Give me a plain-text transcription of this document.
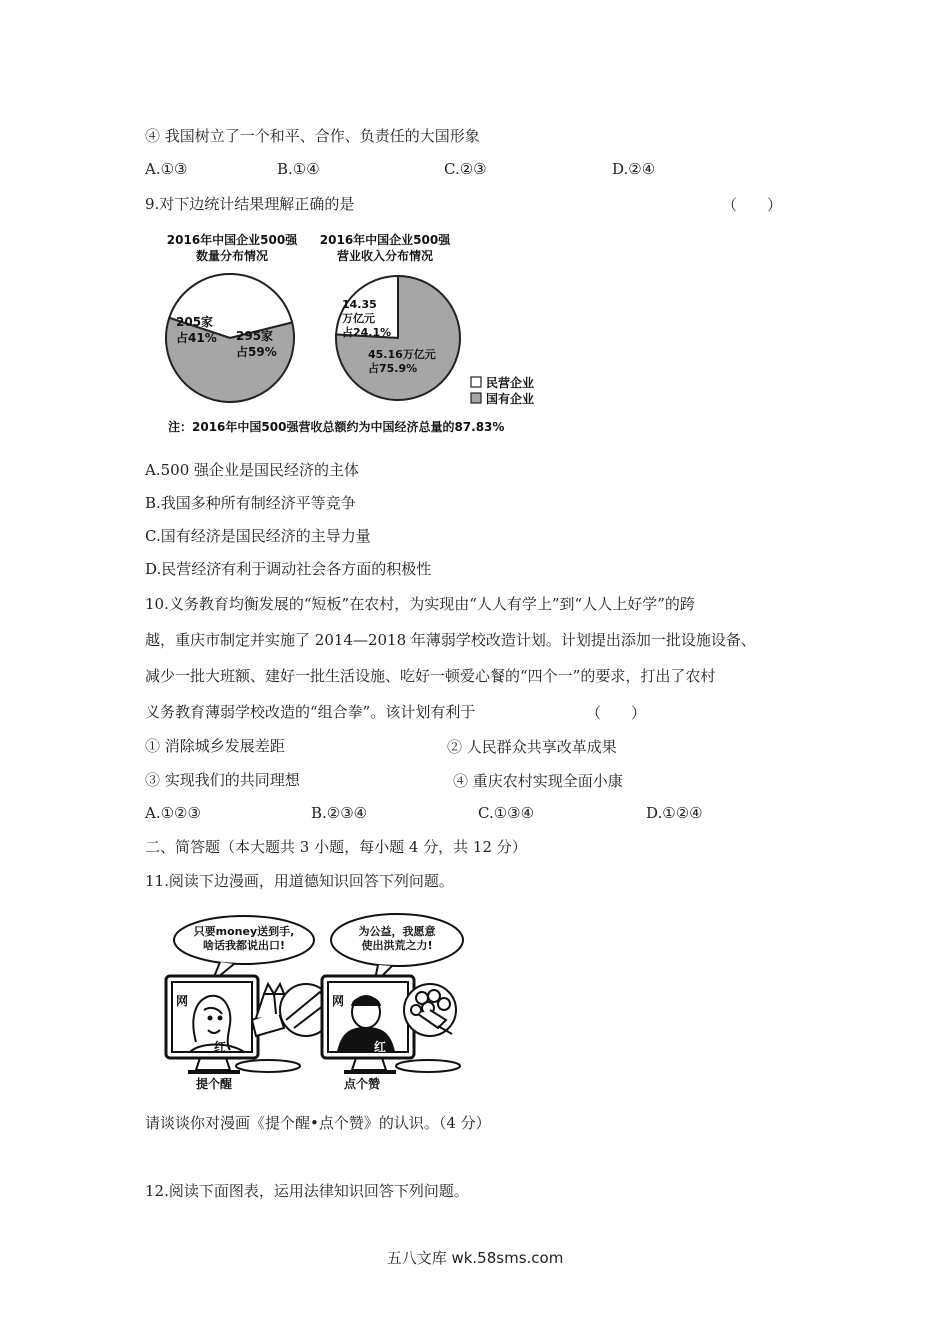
④ 我国树立了一个和平、合作、负责任的大国形象
A.①③	B.①④	C.②③	D.②④
9.对下边统计结果理解正确的是	（　　）
2016年中国企业500强
数量分布情况
2016年中国企业500强
营业收入分布情况
205家
占41% 295家
占59%
14.35
万亿元
占24.1%
45.16万亿元
占75.9%
民营企业
国有企业
注：2016年中国500强营收总额约为中国经济总量的87.83%
A.500 强企业是国民经济的主体
B.我国多种所有制经济平等竞争
C.国有经济是国民经济的主导力量
D.民营经济有利于调动社会各方面的积极性
10.义务教育均衡发展的“短板”在农村，为实现由“人人有学上”到“人人上好学”的跨
越，重庆市制定并实施了 2014—2018 年薄弱学校改造计划。计划提出添加一批设施设备、
减少一批大班额、建好一批生活设施、吃好一顿爱心餐的“四个一”的要求，打出了农村
义务教育薄弱学校改造的“组合拳”。该计划有利于	（　　）
① 消除城乡发展差距	② 人民群众共享改革成果
③ 实现我们的共同理想	④ 重庆农村实现全面小康
A.①②③	B.②③④	C.①③④	D.①②④
二、简答题（本大题共 3 小题，每小题 4 分，共 12 分）
11.阅读下边漫画，用道德知识回答下列问题。
只要money送到手,
啥话我都说出口!
为公益，我愿意
使出洪荒之力!
网
红
网
红
提个醒	点个赞
请谈谈你对漫画《提个醒•点个赞》的认识。（4 分）
12.阅读下面图表，运用法律知识回答下列问题。
五八文库 wk.58sms.com
